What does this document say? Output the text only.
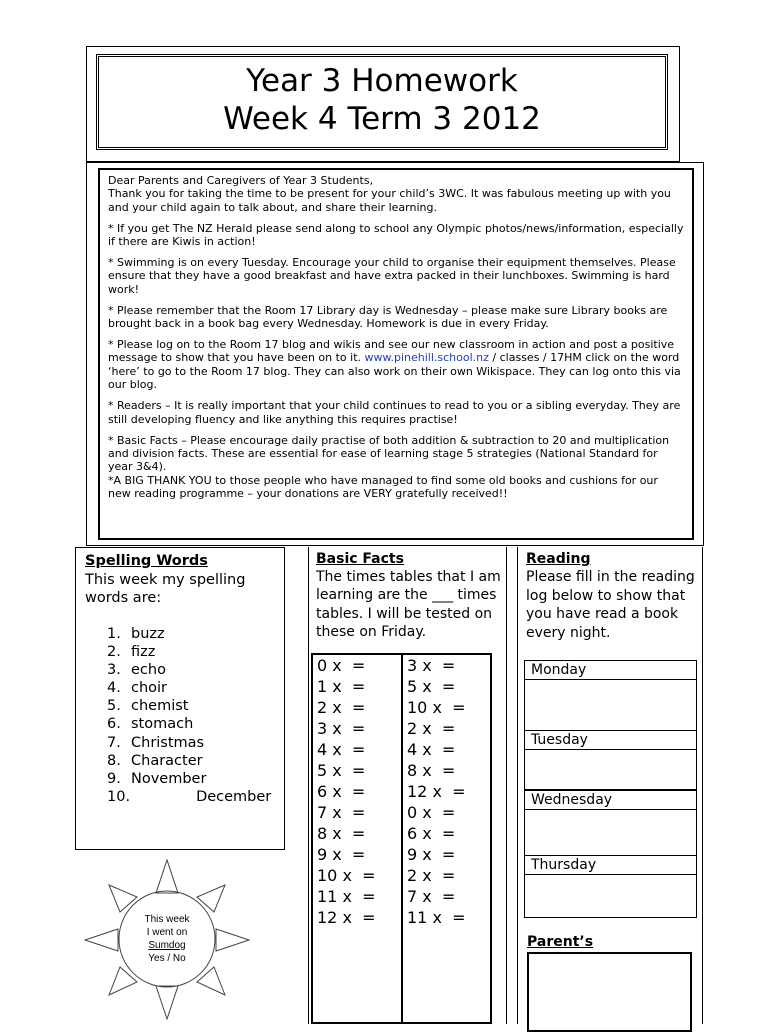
Year 3 Homework
Week 4 Term 3 2012
Dear Parents and Caregivers of Year 3 Students,

Thank you for taking the time to be present for your child’s 3WC. It was fabulous meeting up with you and your child again to talk about, and share their learning.

* If you get The NZ Herald please send along to school any Olympic photos/news/information, especially if there are Kiwis in action!

* Swimming is on every Tuesday. Encourage your child to organise their equipment themselves. Please ensure that they have a good breakfast and have extra packed in their lunchboxes. Swimming is hard work!

* Please remember that the Room 17 Library day is Wednesday – please make sure Library books are brought back in a book bag every Wednesday. Homework is due in every Friday.

* Please log on to the Room 17 blog and wikis and see our new classroom in action and post a positive message to show that you have been on to it. www.pinehill.school.nz / classes / 17HM click on the word ‘here’ to go to the Room 17 blog. They can also work on their own Wikispace. They can log onto this via our blog.

* Readers – It is really important that your child continues to read to you or a sibling everyday. They are still developing fluency and like anything this requires practise!

* Basic Facts – Please encourage daily practise of both addition & subtraction to 20 and multiplication and division facts. These are essential for ease of learning stage 5 strategies (National Standard for year 3&4).
*A BIG THANK YOU to those people who have managed to find some old books and cushions for our new reading programme – your donations are VERY gratefully received!!
Spelling Words
This week my spelling words are:
1. buzz
2. fizz
3. echo
4. choir
5. chemist
6. stomach
7. Christmas
8. Character
9. November
10.	December
Basic Facts
The times tables that I am learning are the ___ times tables. I will be tested on these on Friday.
0 x  =
1 x  =
2 x  =
3 x  =
4 x  =
5 x  =
6 x  =
7 x  =
8 x  =
9 x  =
10 x  =
11 x  =
12 x  =
3 x  =
5 x  =
10 x  =
2 x  =
4 x  =
8 x  =
12 x  =
0 x  =
6 x  =
9 x  =
2 x  =
7 x  =
11 x  =
Reading
Please fill in the reading log below to show that you have read a book every night.
Monday
Tuesday
Wednesday
Thursday
Parent’s
This week
I went on
Sumdog
Yes / No
